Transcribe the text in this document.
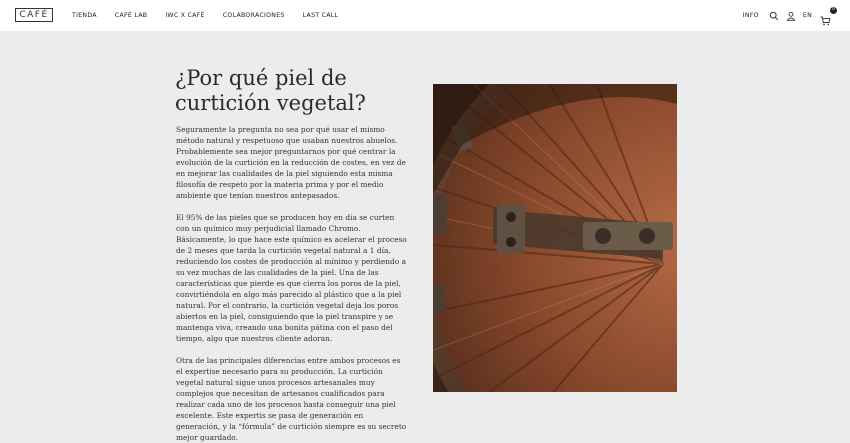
CAFÉ	TIENDA	CAFÉ LAB	IWC X CAFÉ	COLABORACIONES	LAST CALL	INFO	EN
0
¿Por qué piel de curtición vegetal?

Seguramente la pregunta no sea por qué usar el mismo método natural y respetuoso que usaban nuestros abuelos. Probablemente sea mejor preguntarnos por qué centrar la evolución de la curtición en la reducción de costes, en vez de en mejorar las cualidades de la piel siguiendo esta misma filosofía de respeto por la materia prima y por el medio ambiente que tenían nuestros antepasados.

El 95% de las pieles que se producen hoy en día se curten con un químico muy perjudicial llamado Chromo. Básicamente, lo que hace este químico es acelerar el proceso de 2 meses que tarda la curtición vegetal natural a 1 día, reduciendo los costes de producción al mínimo y perdiendo a su vez muchas de las cualidades de la piel. Una de las características que pierde es que cierra los poros de la piel, convirtiéndola en algo más parecido al plástico que a la piel natural. Por el contrario, la curtición vegetal deja los poros abiertos en la piel, consiguiendo que la piel transpire y se mantenga viva, creando una bonita pátina con el paso del tiempo, algo que nuestros cliente adoran.

Otra de las principales diferencias entre ambos procesos es el expertise necesario para su producción. La curtición vegetal natural sigue unos procesos artesanales muy complejos que necesitan de artesanos cualificados para realizar cada uno de los procesos hasta conseguir una piel excelente. Este expertis se pasa de generación en generación, y la “fórmula” de curtición siempre es su secreto mejor guardado.
